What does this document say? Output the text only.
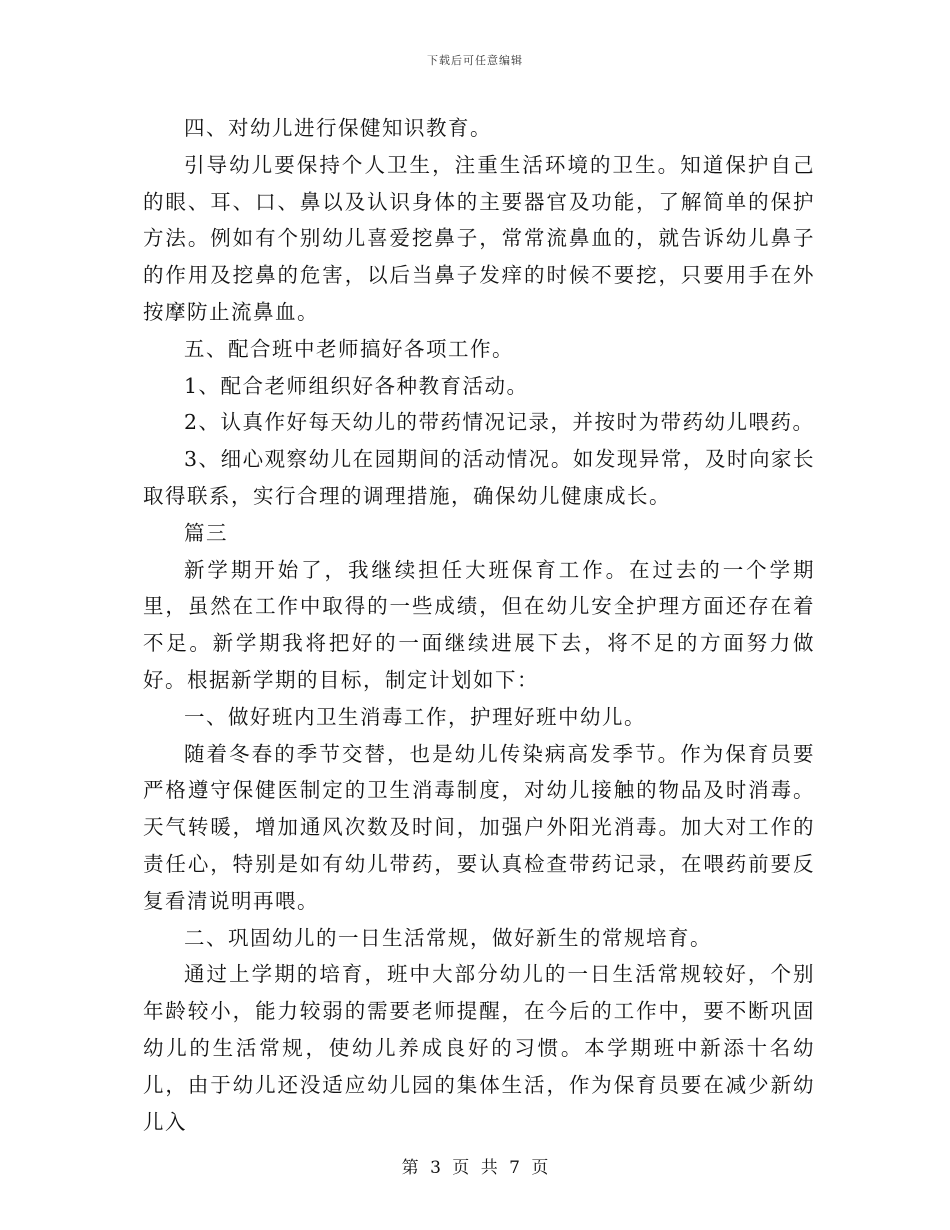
下载后可任意编辑

四、对幼儿进行保健知识教育。

引导幼儿要保持个人卫生，注重生活环境的卫生。知道保护自己的眼、耳、口、鼻以及认识身体的主要器官及功能，了解简单的保护方法。例如有个别幼儿喜爱挖鼻子，常常流鼻血的，就告诉幼儿鼻子的作用及挖鼻的危害，以后当鼻子发痒的时候不要挖，只要用手在外按摩防止流鼻血。

五、配合班中老师搞好各项工作。

1、配合老师组织好各种教育活动。

2、认真作好每天幼儿的带药情况记录，并按时为带药幼儿喂药。

3、细心观察幼儿在园期间的活动情况。如发现异常，及时向家长取得联系，实行合理的调理措施，确保幼儿健康成长。

篇三

新学期开始了，我继续担任大班保育工作。在过去的一个学期里，虽然在工作中取得的一些成绩，但在幼儿安全护理方面还存在着不足。新学期我将把好的一面继续进展下去，将不足的方面努力做好。根据新学期的目标，制定计划如下：

一、做好班内卫生消毒工作，护理好班中幼儿。

随着冬春的季节交替，也是幼儿传染病高发季节。作为保育员要严格遵守保健医制定的卫生消毒制度，对幼儿接触的物品及时消毒。天气转暖，增加通风次数及时间，加强户外阳光消毒。加大对工作的责任心，特别是如有幼儿带药，要认真检查带药记录，在喂药前要反复看清说明再喂。

二、巩固幼儿的一日生活常规，做好新生的常规培育。

通过上学期的培育，班中大部分幼儿的一日生活常规较好，个别年龄较小，能力较弱的需要老师提醒，在今后的工作中，要不断巩固幼儿的生活常规，使幼儿养成良好的习惯。本学期班中新添十名幼儿，由于幼儿还没适应幼儿园的集体生活，作为保育员要在减少新幼儿入

第 3 页 共 7 页
